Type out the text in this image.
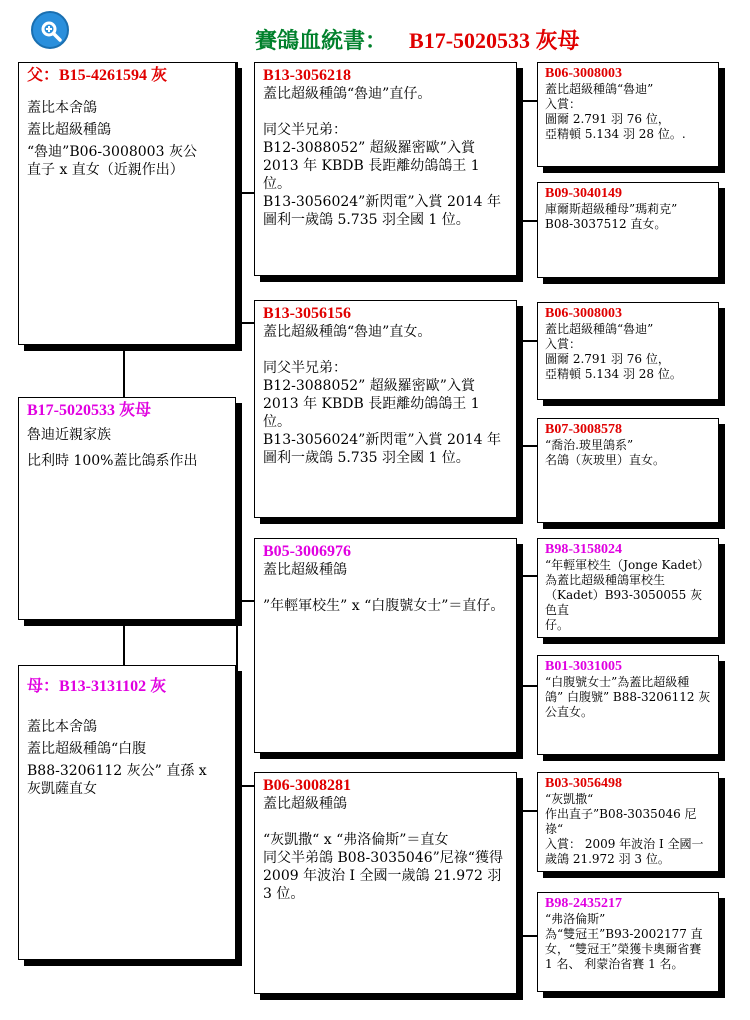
賽鴿血統書： B17-5020533 灰母
父：B15-4261594 灰
蓋比本舍鴿
蓋比超級種鴿
“魯迪”B06-3008003 灰公
直子 x 直女（近親作出）
B17-5020533 灰母
魯迪近親家族
比利時 100%蓋比鴿系作出
母：B13-3131102 灰
蓋比本舍鴿
蓋比超級種鴿“白腹
B88-3206112 灰公” 直孫 x
灰凱薩直女
B13-3056218
蓋比超級種鴿“魯迪”直仔。
同父半兄弟：
B12-3088052” 超級羅密歐”入賞 2013 年 KBDB 長距離幼鴿鴿王 1 位。
B13-3056024”新閃電”入賞 2014 年圖利一歲鴿 5.735 羽全國 1 位。
B13-3056156
蓋比超級種鴿“魯迪”直女。
同父半兄弟：
B12-3088052” 超級羅密歐”入賞 2013 年 KBDB 長距離幼鴿鴿王 1 位。
B13-3056024”新閃電”入賞 2014 年圖利一歲鴿 5.735 羽全國 1 位。
B05-3006976
蓋比超級種鴿
”年輕軍校生” x “白腹號女士”＝直仔。
B06-3008281
蓋比超級種鴿
“灰凱撒“ x “弗洛倫斯”＝直女
同父半弟鴿 B08-3035046”尼祿“獲得
2009 年波治 I 全國一歲鴿 21.972 羽 3 位。
B06-3008003
蓋比超級種鴿“魯迪”
入賞：
圖爾 2.791 羽 76 位，
亞精頓 5.134 羽 28 位。.
B09-3040149
庫爾斯超級種母”瑪莉克”
B08-3037512 直女。
B06-3008003
蓋比超級種鴿“魯迪”
入賞：
圖爾 2.791 羽 76 位，
亞精頓 5.134 羽 28 位。
B07-3008578
“喬治.玻里鴿系”
名鴿（灰玻里）直女。
B98-3158024
“年輕軍校生（Jonge Kadet）
為蓋比超級種鴿軍校生
（Kadet）B93-3050055 灰色直
仔。
B01-3031005
“白腹號女士”為蓋比超級種
鴿” 白腹號” B88-3206112 灰
公直女。
B03-3056498
“灰凱撒“
作出直子”B08-3035046 尼祿“
入賞： 2009 年波治 I 全國一
歲鴿 21.972 羽 3 位。
B98-2435217
“弗洛倫斯”
為“雙冠王”B93-2002177 直
女，“雙冠王”榮獲卡奧爾省賽
1 名、 利蒙治省賽 1 名。
